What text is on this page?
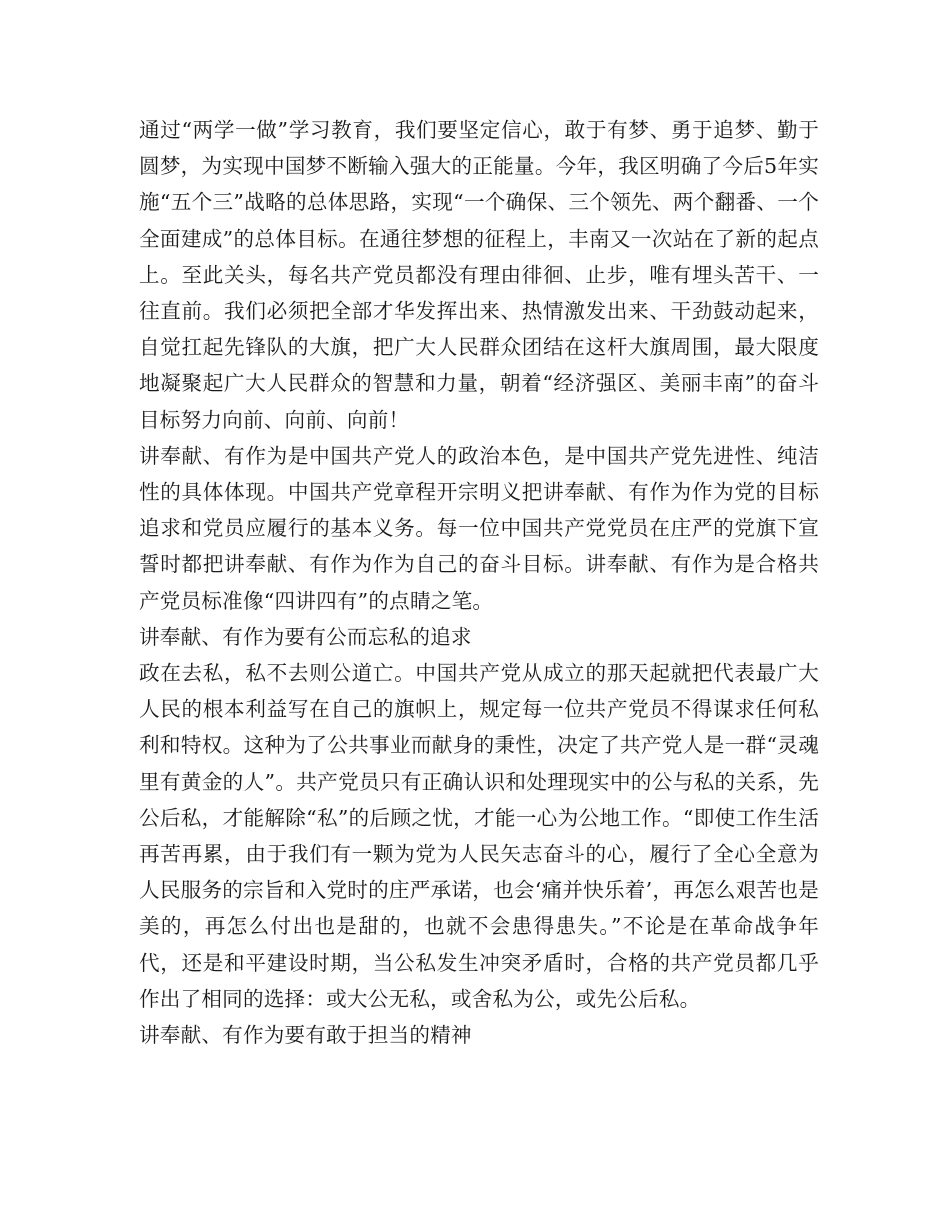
通过“两学一做”学习教育，我们要坚定信心，敢于有梦、勇于追梦、勤于圆梦，为实现中国梦不断输入强大的正能量。今年，我区明确了今后5年实施“五个三”战略的总体思路，实现“一个确保、三个领先、两个翻番、一个全面建成”的总体目标。在通往梦想的征程上，丰南又一次站在了新的起点上。至此关头，每名共产党员都没有理由徘徊、止步，唯有埋头苦干、一往直前。我们必须把全部才华发挥出来、热情激发出来、干劲鼓动起来，自觉扛起先锋队的大旗，把广大人民群众团结在这杆大旗周围，最大限度地凝聚起广大人民群众的智慧和力量，朝着“经济强区、美丽丰南”的奋斗目标努力向前、向前、向前！

讲奉献、有作为是中国共产党人的政治本色，是中国共产党先进性、纯洁性的具体体现。中国共产党章程开宗明义把讲奉献、有作为作为党的目标追求和党员应履行的基本义务。每一位中国共产党党员在庄严的党旗下宣誓时都把讲奉献、有作为作为自己的奋斗目标。讲奉献、有作为是合格共产党员标准像“四讲四有”的点睛之笔。

讲奉献、有作为要有公而忘私的追求

政在去私，私不去则公道亡。中国共产党从成立的那天起就把代表最广大人民的根本利益写在自己的旗帜上，规定每一位共产党员不得谋求任何私利和特权。这种为了公共事业而献身的秉性，决定了共产党人是一群“灵魂里有黄金的人”。共产党员只有正确认识和处理现实中的公与私的关系，先公后私，才能解除“私”的后顾之忧，才能一心为公地工作。“即使工作生活再苦再累，由于我们有一颗为党为人民矢志奋斗的心，履行了全心全意为人民服务的宗旨和入党时的庄严承诺，也会‘痛并快乐着’，再怎么艰苦也是美的，再怎么付出也是甜的，也就不会患得患失。”不论是在革命战争年代，还是和平建设时期，当公私发生冲突矛盾时，合格的共产党员都几乎作出了相同的选择：或大公无私，或舍私为公，或先公后私。

讲奉献、有作为要有敢于担当的精神
